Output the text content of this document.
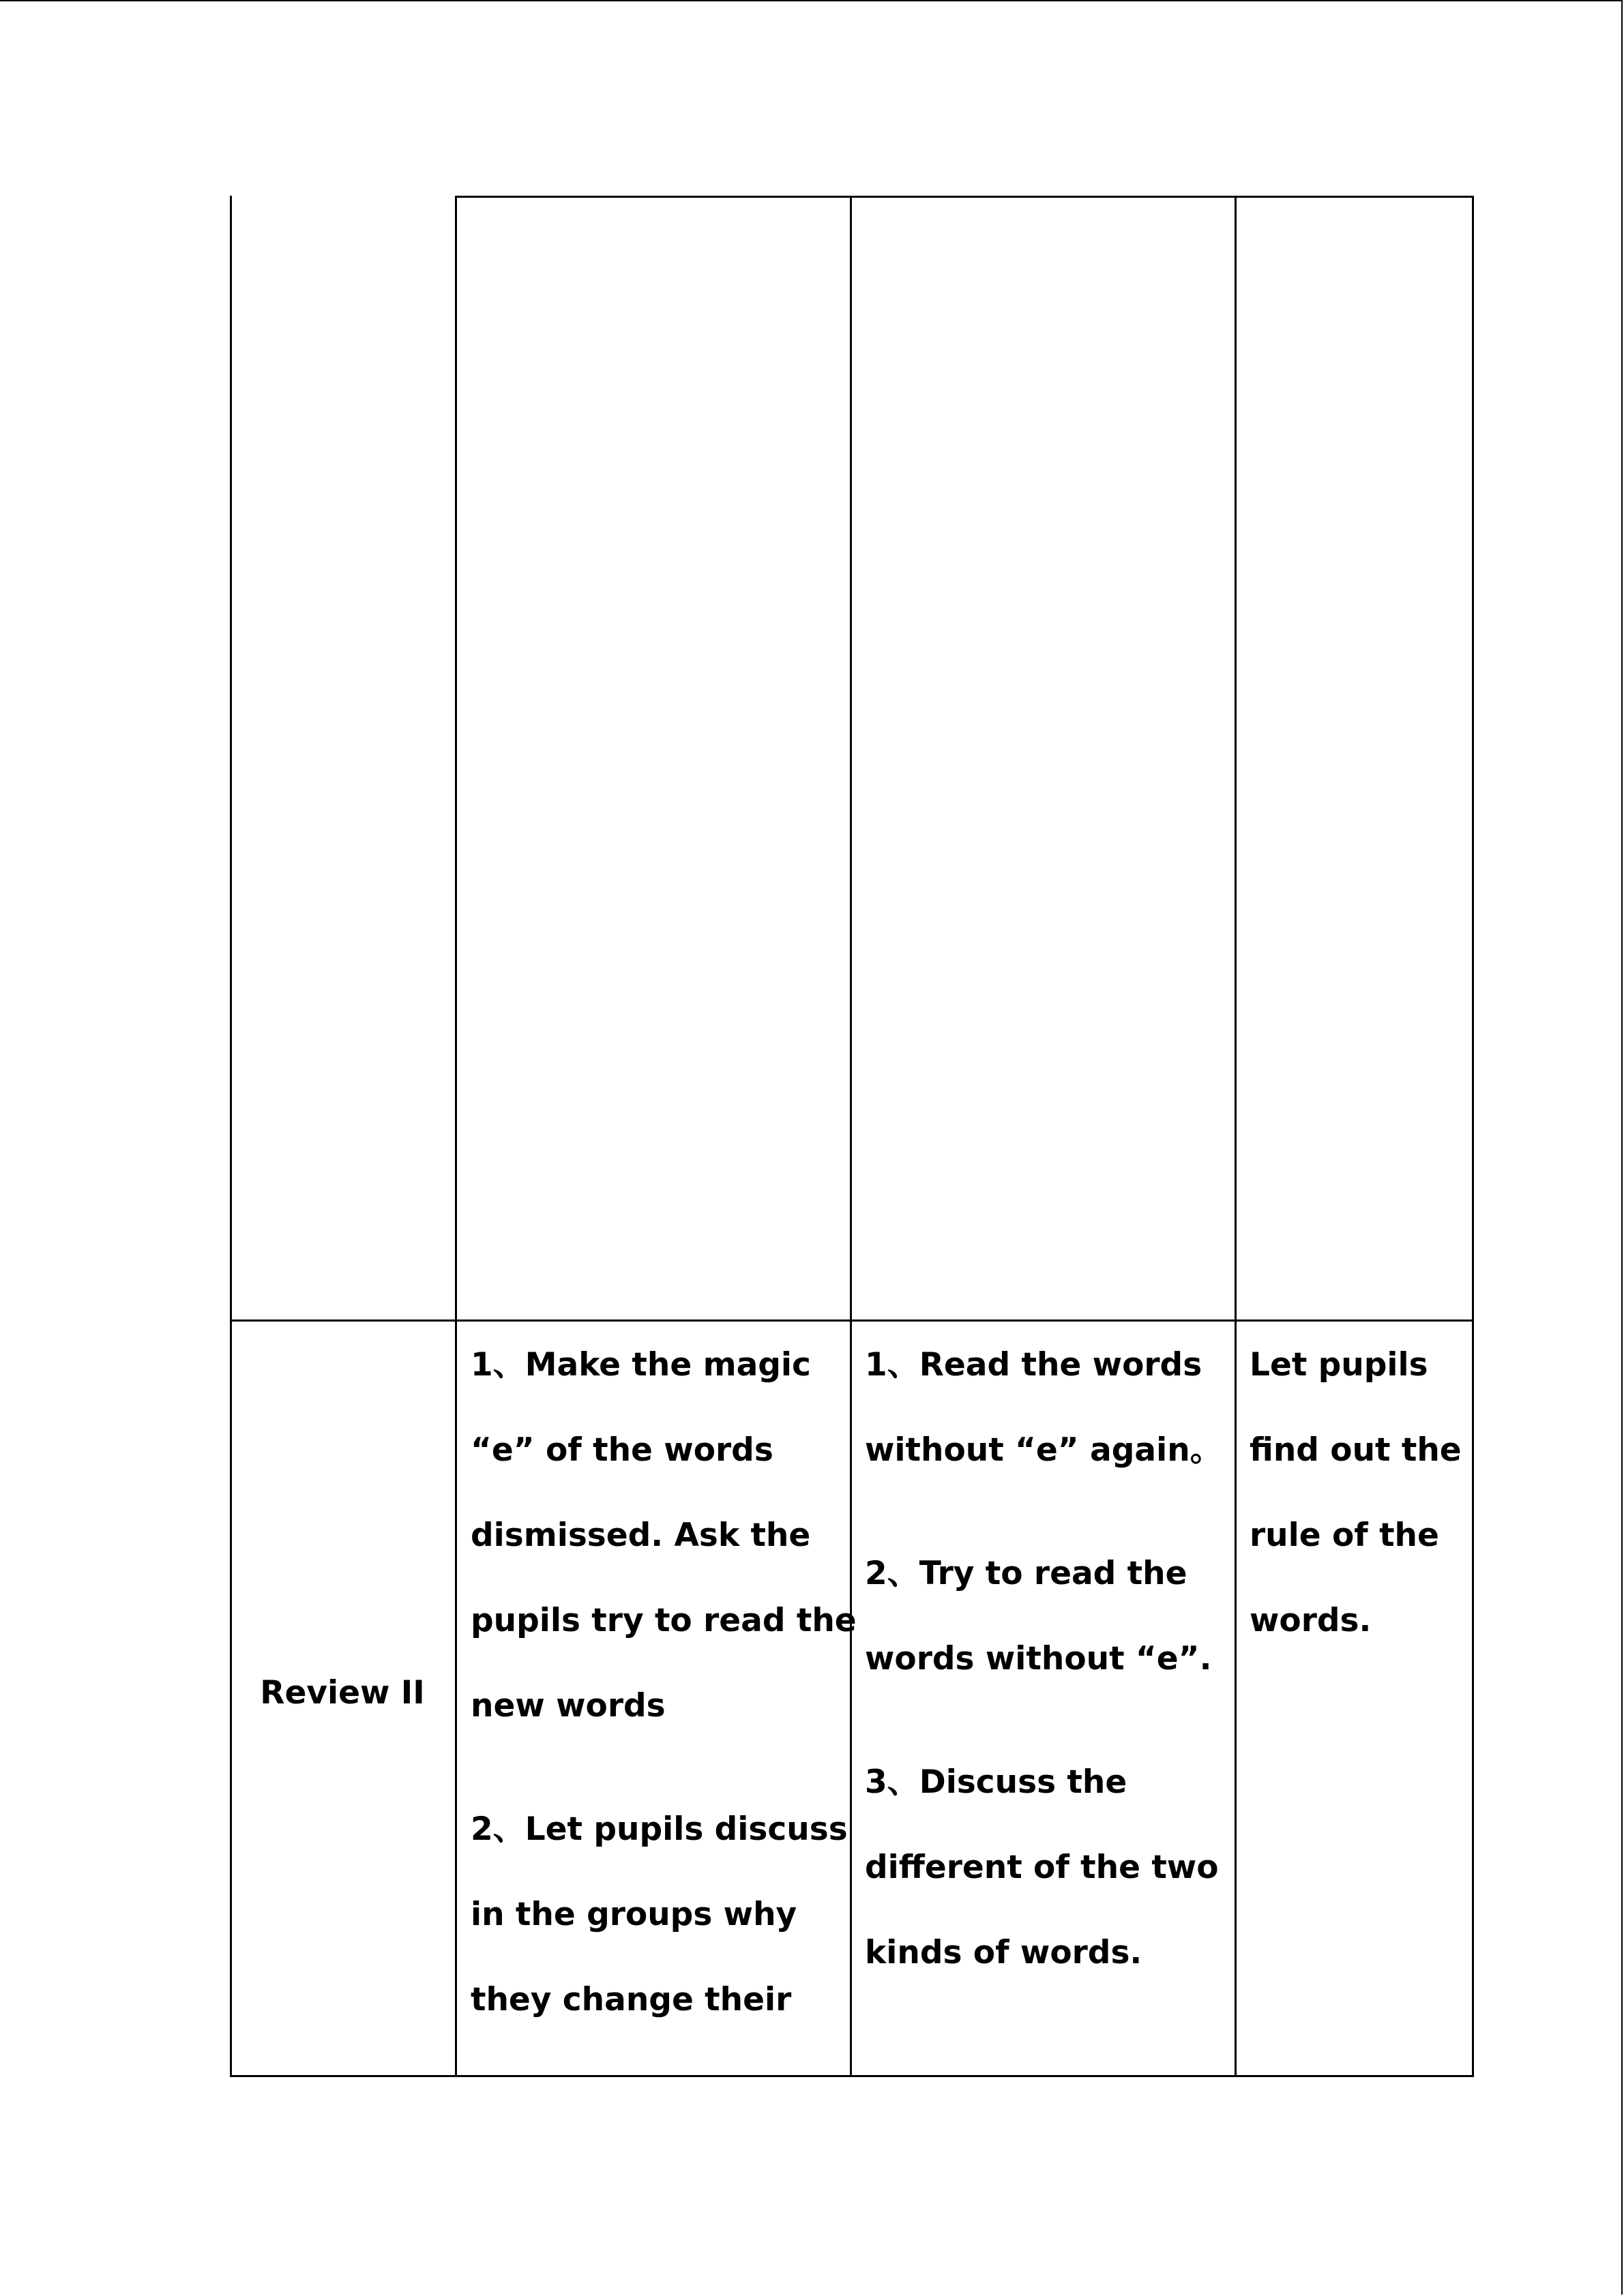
Review II
1、Make the magic
“e” of the words
dismissed. Ask the
pupils try to read the
new words
2、Let pupils discuss
in the groups why
they change their
1、Read the words
without “e” again。
2、Try to read the
words without “e”.
3、Discuss the
different of the two
kinds of words.
Let pupils
find out the
rule of the
words.
